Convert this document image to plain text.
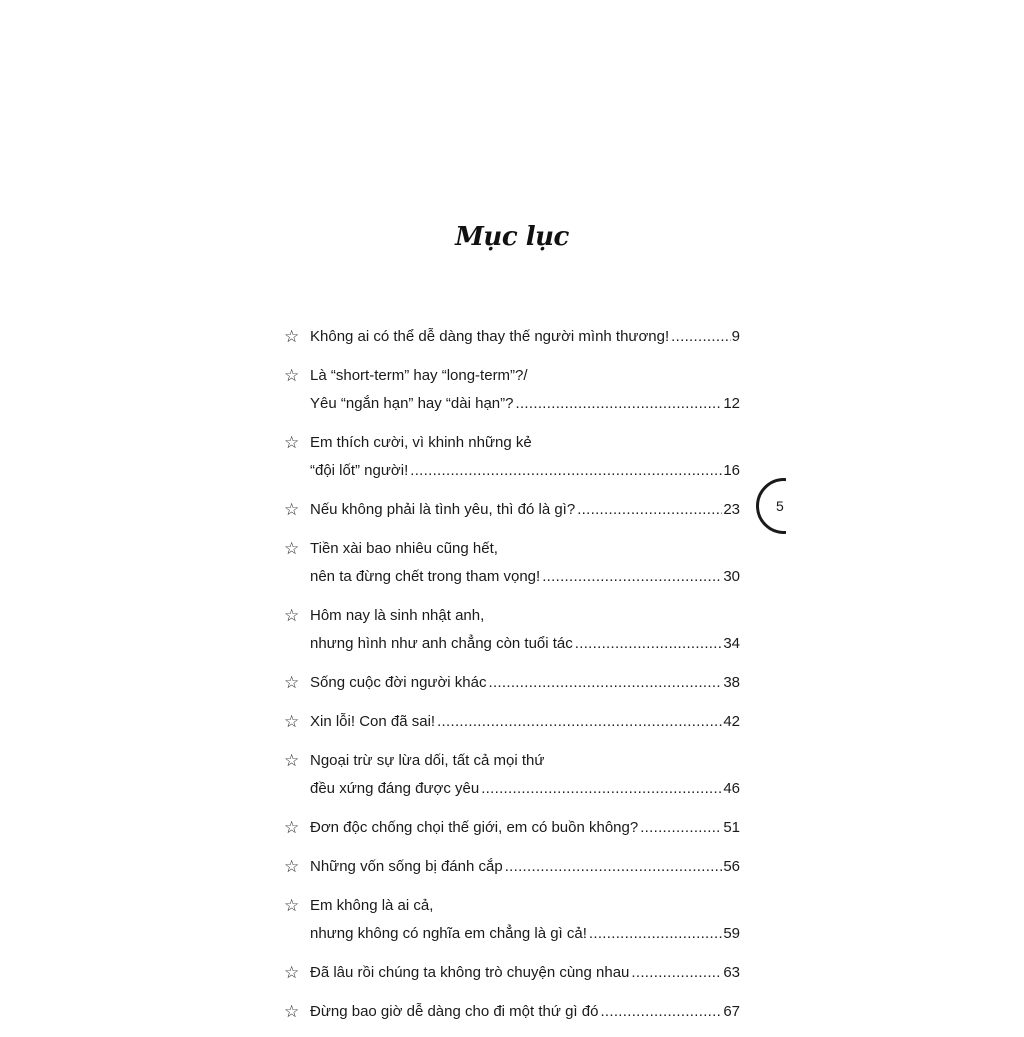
Mục lục
☆ Không ai có thể dễ dàng thay thế người mình thương! .....	9
☆ Là “short-term” hay “long-term”?/
Yêu “ngắn hạn” hay “dài hạn”? .....	12
☆ Em thích cười, vì khinh những kẻ
“đội lốt” người! .....	16
☆ Nếu không phải là tình yêu, thì đó là gì? .....	23
☆ Tiền xài bao nhiêu cũng hết,
nên ta đừng chết trong tham vọng! .....	30
☆ Hôm nay là sinh nhật anh,
nhưng hình như anh chẳng còn tuổi tác .....	34
☆ Sống cuộc đời người khác .....	38
☆ Xin lỗi! Con đã sai! .....	42
☆ Ngoại trừ sự lừa dối, tất cả mọi thứ
đều xứng đáng được yêu .....	46
☆ Đơn độc chống chọi thế giới, em có buồn không? .....	51
☆ Những vốn sống bị đánh cắp .....	56
☆ Em không là ai cả,
nhưng không có nghĩa em chẳng là gì cả! .....	59
☆ Đã lâu rồi chúng ta không trò chuyện cùng nhau .....	63
☆ Đừng bao giờ dễ dàng cho đi một thứ gì đó .....	67
5
